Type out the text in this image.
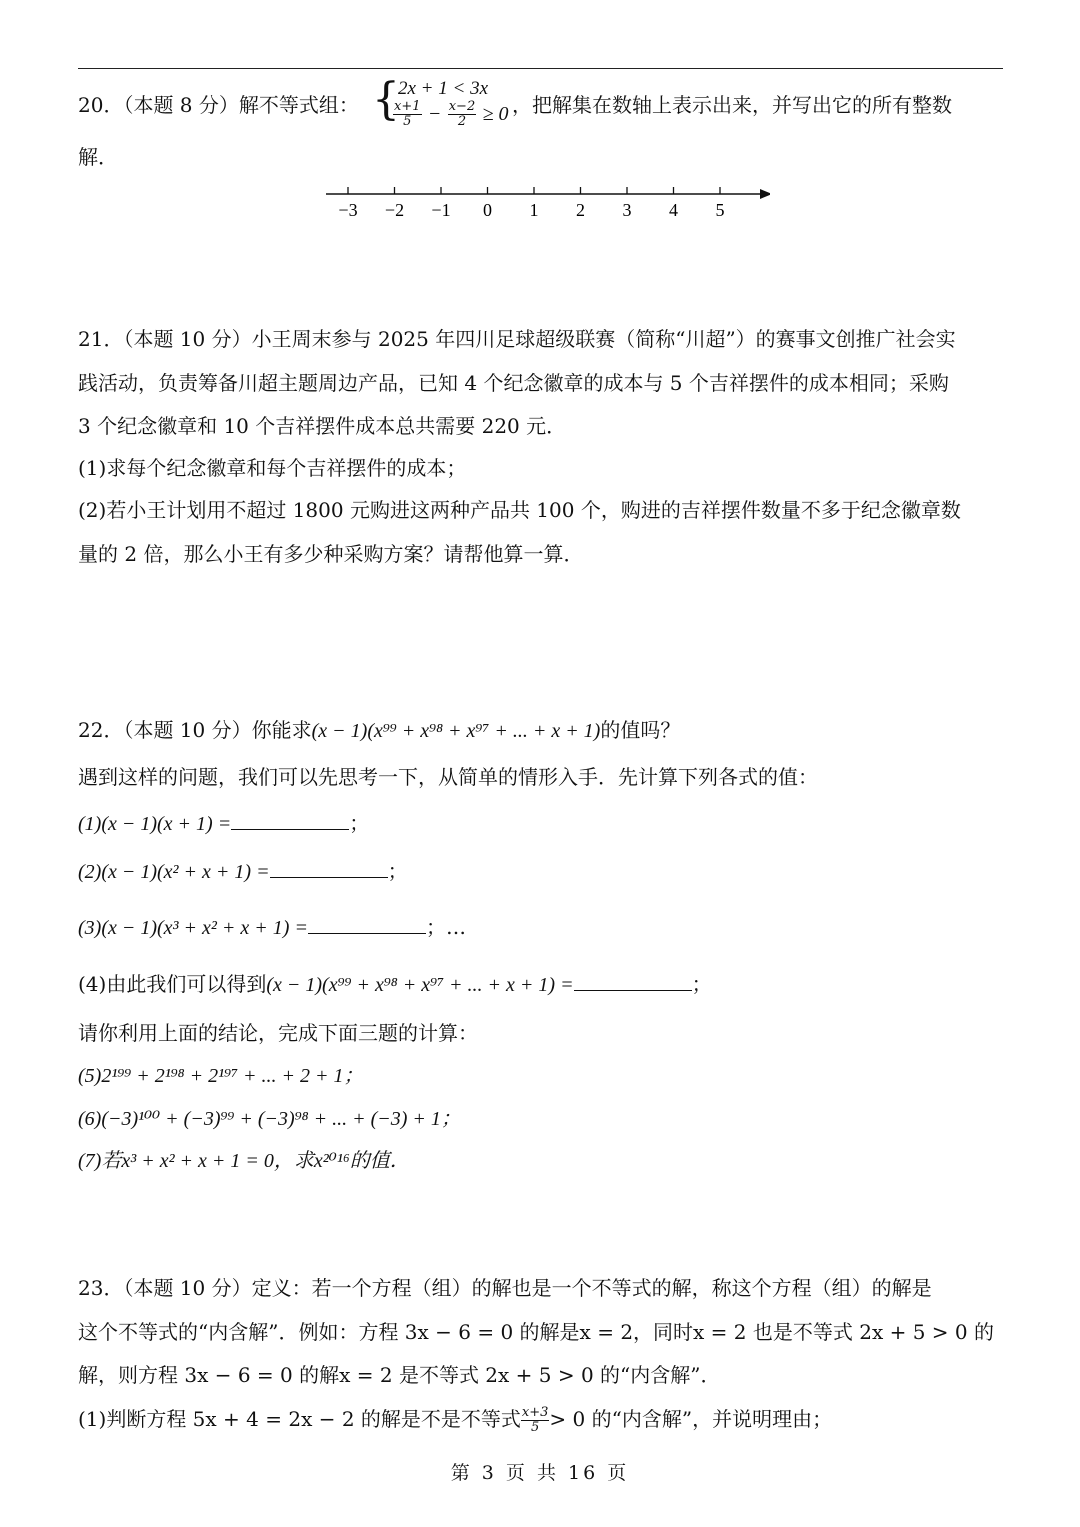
20．（本题 8 分）解不等式组： {
2x + 1 < 3x
$\frac{x+1}{5} - \frac{x-2}{2} \ge 0$ ，把解集在数轴上表示出来，并写出它的所有整数
解．
−3 −2 −1 0 1 2 3 4 5
21．（本题 10 分）小王周末参与 2025 年四川足球超级联赛（简称“川超”）的赛事文创推广社会实
践活动，负责筹备川超主题周边产品，已知 4 个纪念徽章的成本与 5 个吉祥摆件的成本相同；采购
3 个纪念徽章和 10 个吉祥摆件成本总共需要 220 元．
(1)求每个纪念徽章和每个吉祥摆件的成本；
(2)若小王计划用不超过 1800 元购进这两种产品共 100 个，购进的吉祥摆件数量不多于纪念徽章数
量的 2 倍，那么小王有多少种采购方案？请帮他算一算．
22．（本题 10 分）你能求(x − 1)(x⁹⁹ + x⁹⁸ + x⁹⁷ + ... + x + 1)的值吗？
遇到这样的问题，我们可以先思考一下，从简单的情形入手．先计算下列各式的值：
(1)(x − 1)(x + 1) =	；
(2)(x − 1)(x² + x + 1) =	；
(3)(x − 1)(x³ + x² + x + 1) =	；…
(4)由此我们可以得到(x − 1)(x⁹⁹ + x⁹⁸ + x⁹⁷ + ... + x + 1) =	；
请你利用上面的结论，完成下面三题的计算：
(5)2¹⁹⁹ + 2¹⁹⁸ + 2¹⁹⁷ + ... + 2 + 1；
(6)(−3)¹⁰⁰ + (−3)⁹⁹ + (−3)⁹⁸ + ... + (−3) + 1；
(7)若x³ + x² + x + 1 = 0，求x²⁰¹⁶的值．
23．（本题 10 分）定义：若一个方程（组）的解也是一个不等式的解，称这个方程（组）的解是
这个不等式的“内含解”．例如：方程 3x − 6 = 0 的解是x = 2，同时x = 2 也是不等式 2x + 5 > 0 的
解，则方程 3x − 6 = 0 的解x = 2 是不等式 2x + 5 > 0 的“内含解”．
(1)判断方程 5x + 4 = 2x − 2 的解是不是不等式 $\frac{x+3}{5} > 0$ 的“内含解”，并说明理由；
第 3 页 共 16 页
